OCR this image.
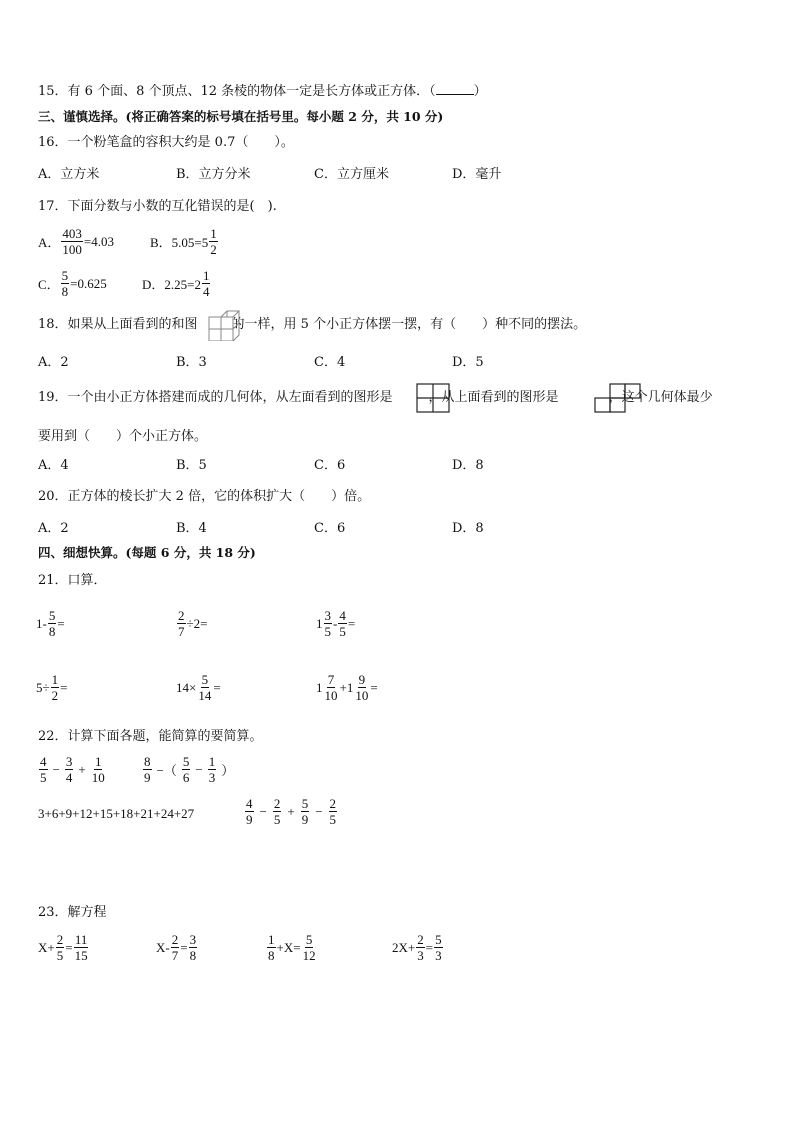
15．有 6 个面、8 个顶点、12 条棱的物体一定是长方体或正方体．（	）
三、谨慎选择。(将正确答案的标号填在括号里。每小题 2 分，共 10 分)
16．一个粉笔盒的容积大约是 0.7（　　）。
A．立方米	B．立方分米	C．立方厘米	D．毫升
17．下面分数与小数的互化错误的是(　).
A． $\frac{403}{100} =4.03$	B．$5.05=5 \frac{1}{2}$
C． $\frac{5}{8} =0.625$	D．$2.25=2 \frac{1}{4}$
18．如果从上面看到的和图	的一样，用 5 个小正方体摆一摆，有（　　）种不同的摆法。
A．2	B．3	C．4	D．5
19．一个由小正方体搭建而成的几何体，从左面看到的图形是	，从上面看到的图形是	，这个几何体最少
要用到（　　）个小正方体。
A．4	B．5	C．6	D．8
20．正方体的棱长扩大 2 倍，它的体积扩大（　　）倍。
A．2	B．4	C．6	D．8
四、细想快算。(每题 6 分，共 18 分)
21．口算．
$1- \frac{5}{8}$ =	$\frac{2}{7} \div 2=$	$1 \frac{3}{5} - \frac{4}{5}$ =
$5\div \frac{1}{2}$ =	$14\times \frac{5}{14}$ =	$1 \frac{7}{10} +1 \frac{9}{10}$ =
22．计算下面各题，能简算的要简算。
$\frac{4}{5} - \frac{3}{4} + \frac{1}{10}$	$\frac{8}{9}$ −（ $\frac{5}{6} - \frac{1}{3}$ ）
3+6+9+12+15+18+21+24+27	$\frac{4}{9} - \frac{2}{5} + \frac{5}{9} - \frac{2}{5}$
23．解方程
$X+ \frac{2}{5} = \frac{11}{15}$	$X- \frac{2}{7} = \frac{3}{8}$	$\frac{1}{8} +X= \frac{5}{12}$	$2X+ \frac{2}{3} = \frac{5}{3}$
